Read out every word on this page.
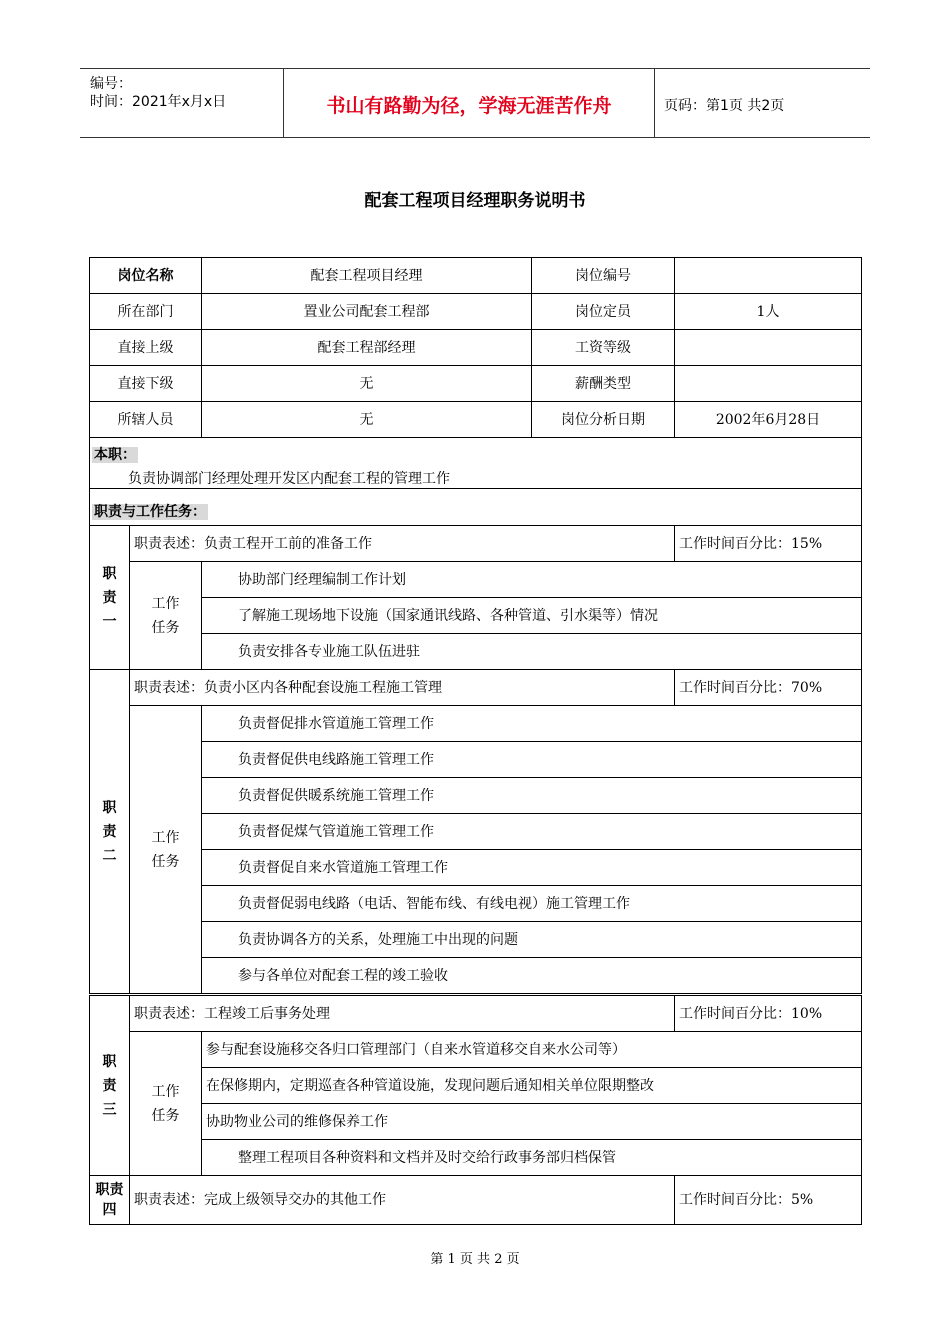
编号：
时间：2021年x月x日	书山有路勤为径，学海无涯苦作舟	页码：第1页 共2页
配套工程项目经理职务说明书
岗位名称	配套工程项目经理	岗位编号
所在部门	置业公司配套工程部	岗位定员	1人
直接上级	配套工程部经理	工资等级
直接下级	无	薪酬类型
所辖人员	无	岗位分析日期	2002年6月28日
本职：
负责协调部门经理处理开发区内配套工程的管理工作
职责与工作任务：
职
责
一
职责表述：负责工程开工前的准备工作	工作时间百分比：15%
工作
任务
协助部门经理编制工作计划
了解施工现场地下设施（国家通讯线路、各种管道、引水渠等）情况
负责安排各专业施工队伍进驻
职
责
二
职责表述：负责小区内各种配套设施工程施工管理	工作时间百分比：70%
工作
任务
负责督促排水管道施工管理工作
负责督促供电线路施工管理工作
负责督促供暖系统施工管理工作
负责督促煤气管道施工管理工作
负责督促自来水管道施工管理工作
负责督促弱电线路（电话、智能布线、有线电视）施工管理工作
负责协调各方的关系，处理施工中出现的问题
参与各单位对配套工程的竣工验收
职
责
三
职责表述：工程竣工后事务处理	工作时间百分比：10%
工作
任务
参与配套设施移交各归口管理部门（自来水管道移交自来水公司等）
在保修期内，定期巡查各种管道设施，发现问题后通知相关单位限期整改
协助物业公司的维修保养工作
整理工程项目各种资料和文档并及时交给行政事务部归档保管
职责
四
职责表述：完成上级领导交办的其他工作	工作时间百分比：5%
第 1 页 共 2 页
